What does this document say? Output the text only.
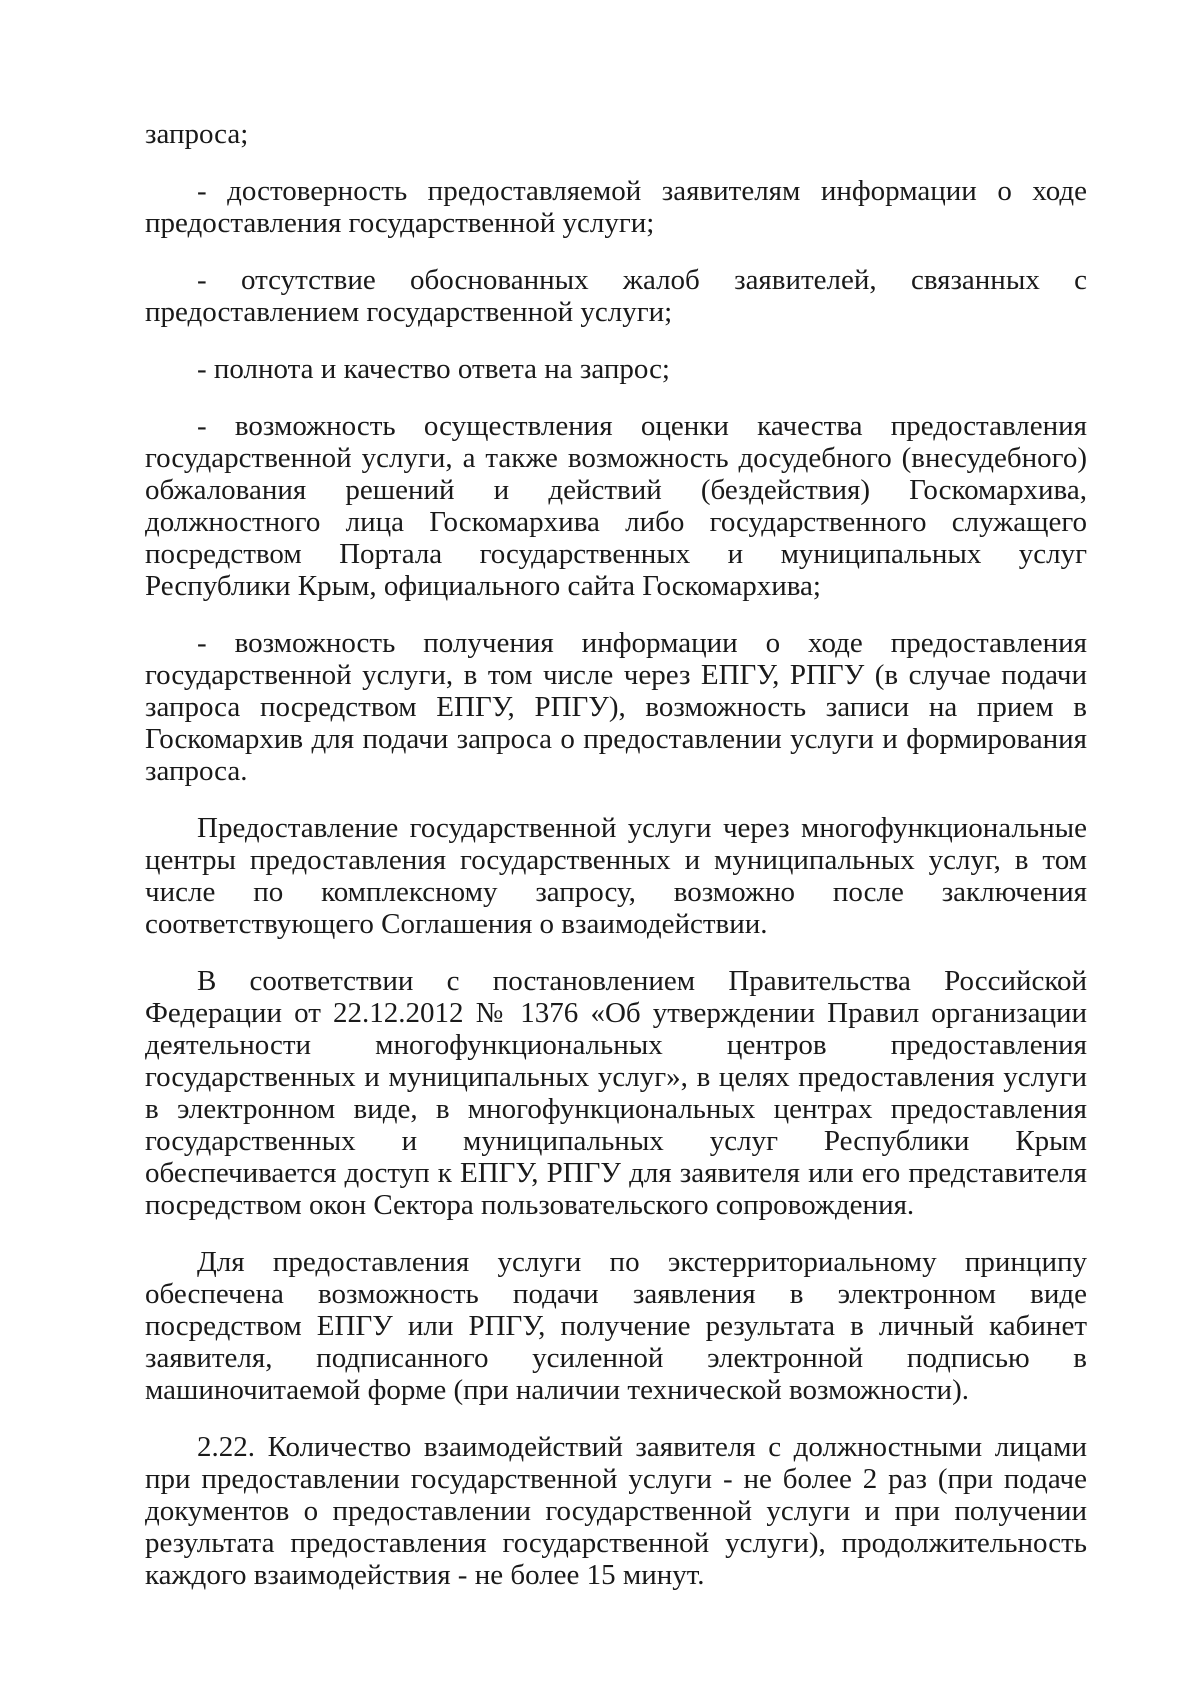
запроса;

- достоверность предоставляемой заявителям информации о ходе предоставления государственной услуги;

- отсутствие обоснованных жалоб заявителей, связанных с предоставлением государственной услуги;

- полнота и качество ответа на запрос;

- возможность осуществления оценки качества предоставления государственной услуги, а также возможность досудебного (внесудебного) обжалования решений и действий (бездействия) Госкомархива, должностного лица Госкомархива либо государственного служащего посредством Портала государственных и муниципальных услуг Республики Крым, официального сайта Госкомархива;

- возможность получения информации о ходе предоставления государственной услуги, в том числе через ЕПГУ, РПГУ (в случае подачи запроса посредством ЕПГУ, РПГУ), возможность записи на прием в Госкомархив для подачи запроса о предоставлении услуги и формирования запроса.

Предоставление государственной услуги через многофункциональные центры предоставления государственных и муниципальных услуг, в том числе по комплексному запросу, возможно после заключения соответствующего Соглашения о взаимодействии.

В соответствии с постановлением Правительства Российской Федерации от 22.12.2012 № 1376 «Об утверждении Правил организации деятельности многофункциональных центров предоставления государственных и муниципальных услуг», в целях предоставления услуги в электронном виде, в многофункциональных центрах предоставления государственных и муниципальных услуг Республики Крым обеспечивается доступ к ЕПГУ, РПГУ для заявителя или его представителя посредством окон Сектора пользовательского сопровождения.

Для предоставления услуги по экстерриториальному принципу обеспечена возможность подачи заявления в электронном виде посредством ЕПГУ или РПГУ, получение результата в личный кабинет заявителя, подписанного усиленной электронной подписью в машиночитаемой форме (при наличии технической возможности).

2.22. Количество взаимодействий заявителя с должностными лицами при предоставлении государственной услуги - не более 2 раз (при подаче документов о предоставлении государственной услуги и при получении результата предоставления государственной услуги), продолжительность каждого взаимодействия - не более 15 минут.
